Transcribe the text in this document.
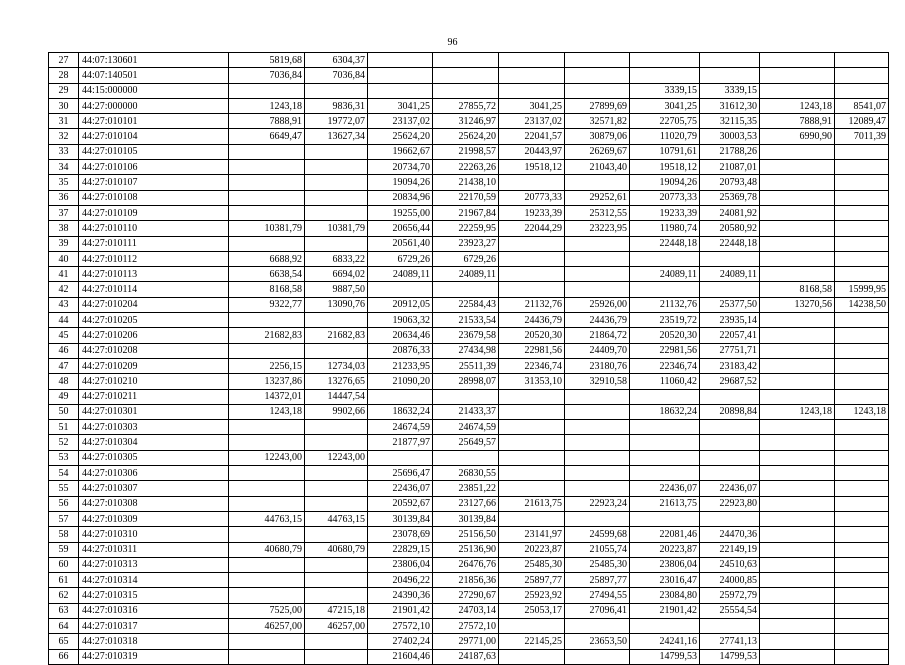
96
27	44:07:130601	5819,68	6304,37								
28	44:07:140501	7036,84	7036,84								
29	44:15:000000							3339,15	3339,15		
30	44:27:000000	1243,18	9836,31	3041,25	27855,72	3041,25	27899,69	3041,25	31612,30	1243,18	8541,07
31	44:27:010101	7888,91	19772,07	23137,02	31246,97	23137,02	32571,82	22705,75	32115,35	7888,91	12089,47
32	44:27:010104	6649,47	13627,34	25624,20	25624,20	22041,57	30879,06	11020,79	30003,53	6990,90	7011,39
33	44:27:010105			19662,67	21998,57	20443,97	26269,67	10791,61	21788,26		
34	44:27:010106			20734,70	22263,26	19518,12	21043,40	19518,12	21087,01		
35	44:27:010107			19094,26	21438,10			19094,26	20793,48		
36	44:27:010108			20834,96	22170,59	20773,33	29252,61	20773,33	25369,78		
37	44:27:010109			19255,00	21967,84	19233,39	25312,55	19233,39	24081,92		
38	44:27:010110	10381,79	10381,79	20656,44	22259,95	22044,29	23223,95	11980,74	20580,92		
39	44:27:010111			20561,40	23923,27			22448,18	22448,18		
40	44:27:010112	6688,92	6833,22	6729,26	6729,26						
41	44:27:010113	6638,54	6694,02	24089,11	24089,11			24089,11	24089,11		
42	44:27:010114	8168,58	9887,50							8168,58	15999,95
43	44:27:010204	9322,77	13090,76	20912,05	22584,43	21132,76	25926,00	21132,76	25377,50	13270,56	14238,50
44	44:27:010205			19063,32	21533,54	24436,79	24436,79	23519,72	23935,14		
45	44:27:010206	21682,83	21682,83	20634,46	23679,58	20520,30	21864,72	20520,30	22057,41		
46	44:27:010208			20876,33	27434,98	22981,56	24409,70	22981,56	27751,71		
47	44:27:010209	2256,15	12734,03	21233,95	25511,39	22346,74	23180,76	22346,74	23183,42		
48	44:27:010210	13237,86	13276,65	21090,20	28998,07	31353,10	32910,58	11060,42	29687,52		
49	44:27:010211	14372,01	14447,54								
50	44:27:010301	1243,18	9902,66	18632,24	21433,37			18632,24	20898,84	1243,18	1243,18
51	44:27:010303			24674,59	24674,59						
52	44:27:010304			21877,97	25649,57						
53	44:27:010305	12243,00	12243,00								
54	44:27:010306			25696,47	26830,55						
55	44:27:010307			22436,07	23851,22			22436,07	22436,07		
56	44:27:010308			20592,67	23127,66	21613,75	22923,24	21613,75	22923,80		
57	44:27:010309	44763,15	44763,15	30139,84	30139,84						
58	44:27:010310			23078,69	25156,50	23141,97	24599,68	22081,46	24470,36		
59	44:27:010311	40680,79	40680,79	22829,15	25136,90	20223,87	21055,74	20223,87	22149,19		
60	44:27:010313			23806,04	26476,76	25485,30	25485,30	23806,04	24510,63		
61	44:27:010314			20496,22	21856,36	25897,77	25897,77	23016,47	24000,85		
62	44:27:010315			24390,36	27290,67	25923,92	27494,55	23084,80	25972,79		
63	44:27:010316	7525,00	47215,18	21901,42	24703,14	25053,17	27096,41	21901,42	25554,54		
64	44:27:010317	46257,00	46257,00	27572,10	27572,10						
65	44:27:010318			27402,24	29771,00	22145,25	23653,50	24241,16	27741,13		
66	44:27:010319			21604,46	24187,63			14799,53	14799,53		
